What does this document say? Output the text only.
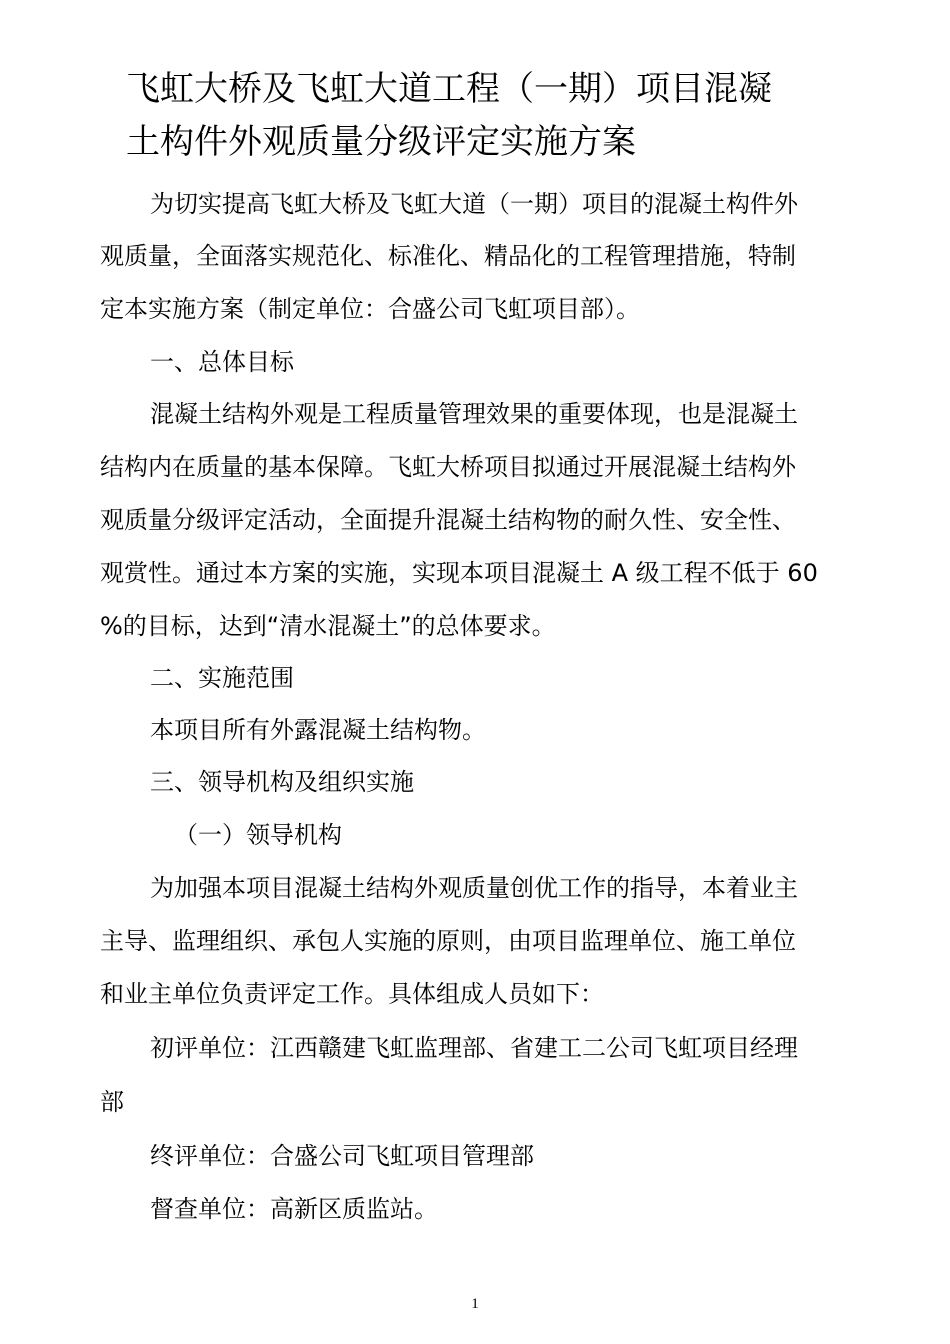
飞虹大桥及飞虹大道工程（一期）项目混凝
土构件外观质量分级评定实施方案

为切实提高飞虹大桥及飞虹大道（一期）项目的混凝土构件外

观质量，全面落实规范化、标准化、精品化的工程管理措施，特制

定本实施方案（制定单位：合盛公司飞虹项目部）。

一、总体目标

混凝土结构外观是工程质量管理效果的重要体现，也是混凝土

结构内在质量的基本保障。飞虹大桥项目拟通过开展混凝土结构外

观质量分级评定活动，全面提升混凝土结构物的耐久性、安全性、

观赏性。通过本方案的实施，实现本项目混凝土 A 级工程不低于 60

%的目标，达到“清水混凝土”的总体要求。

二、实施范围

本项目所有外露混凝土结构物。

三、领导机构及组织实施

（一）领导机构

为加强本项目混凝土结构外观质量创优工作的指导，本着业主

主导、监理组织、承包人实施的原则，由项目监理单位、施工单位

和业主单位负责评定工作。具体组成人员如下：

初评单位：江西赣建飞虹监理部、省建工二公司飞虹项目经理

部

终评单位：合盛公司飞虹项目管理部

督查单位：高新区质监站。

1
